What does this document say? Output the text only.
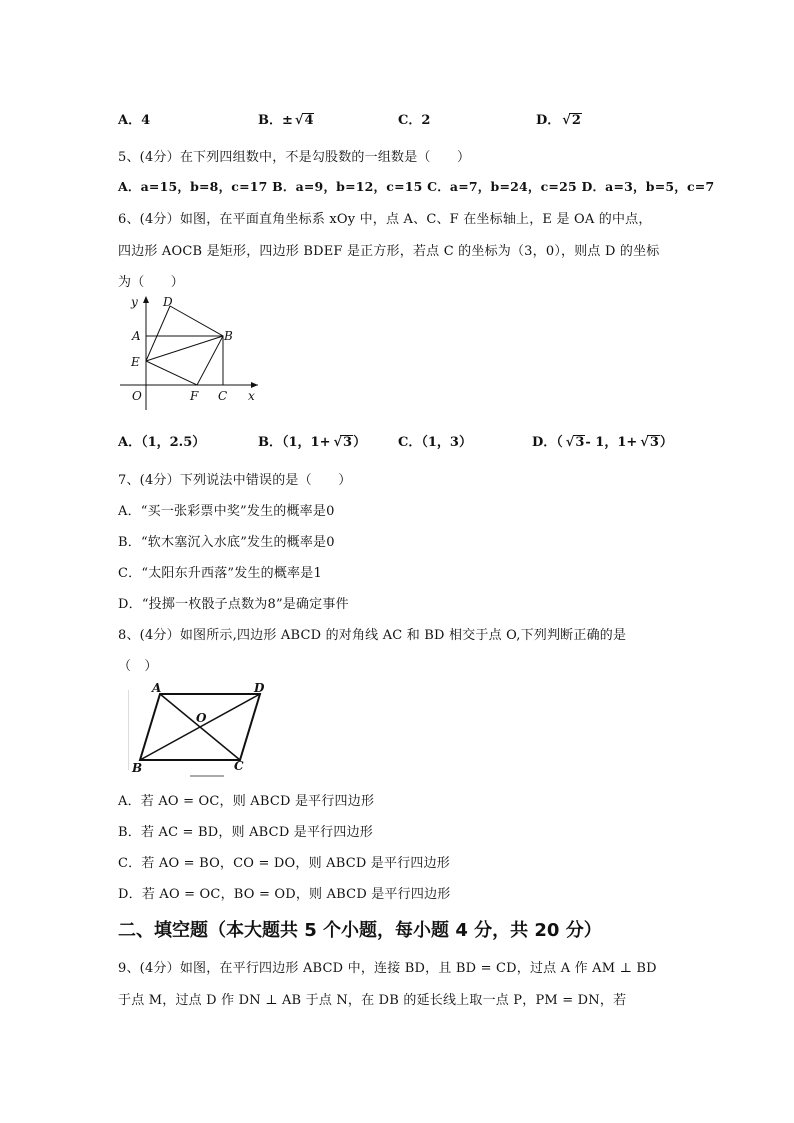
A．4	B．± √ 4	C．2	D． √ 2
5、(4分）在下列四组数中，不是勾股数的一组数是（　　）
A．a=15，b=8，c=17 B．a=9，b=12，c=15 C．a=7，b=24，c=25 D．a=3，b=5，c=7
6、(4分）如图，在平面直角坐标系 xOy 中，点 A、C、F 在坐标轴上，E 是 OA 的中点，
四边形 AOCB 是矩形，四边形 BDEF 是正方形，若点 C 的坐标为（3，0），则点 D 的坐标
为（　　）
y D
A	B
E
O	F C x
A．（1，2.5）	B．（1，1+ √ 3） C．（1，3）	D．（ √ 3- 1，1+ √ 3）
7、(4分）下列说法中错误的是（　　）
A．“买一张彩票中奖”发生的概率是0
B．“软木塞沉入水底”发生的概率是0
C．“太阳东升西落”发生的概率是1
D．“投掷一枚骰子点数为8”是确定事件
8、(4分）如图所示,四边形 ABCD 的对角线 AC 和 BD 相交于点 O,下列判断正确的是
（　）
A	D
O
B	C
A．若 AO = OC，则 ABCD 是平行四边形
B．若 AC = BD，则 ABCD 是平行四边形
C．若 AO = BO，CO = DO，则 ABCD 是平行四边形
D．若 AO = OC，BO = OD，则 ABCD 是平行四边形
二、填空题（本大题共 5 个小题，每小题 4 分，共 20 分）
9、(4分）如图，在平行四边形 ABCD 中，连接 BD，且 BD = CD，过点 A 作 AM ⊥ BD
于点 M，过点 D 作 DN ⊥ AB 于点 N，在 DB 的延长线上取一点 P，PM = DN，若
